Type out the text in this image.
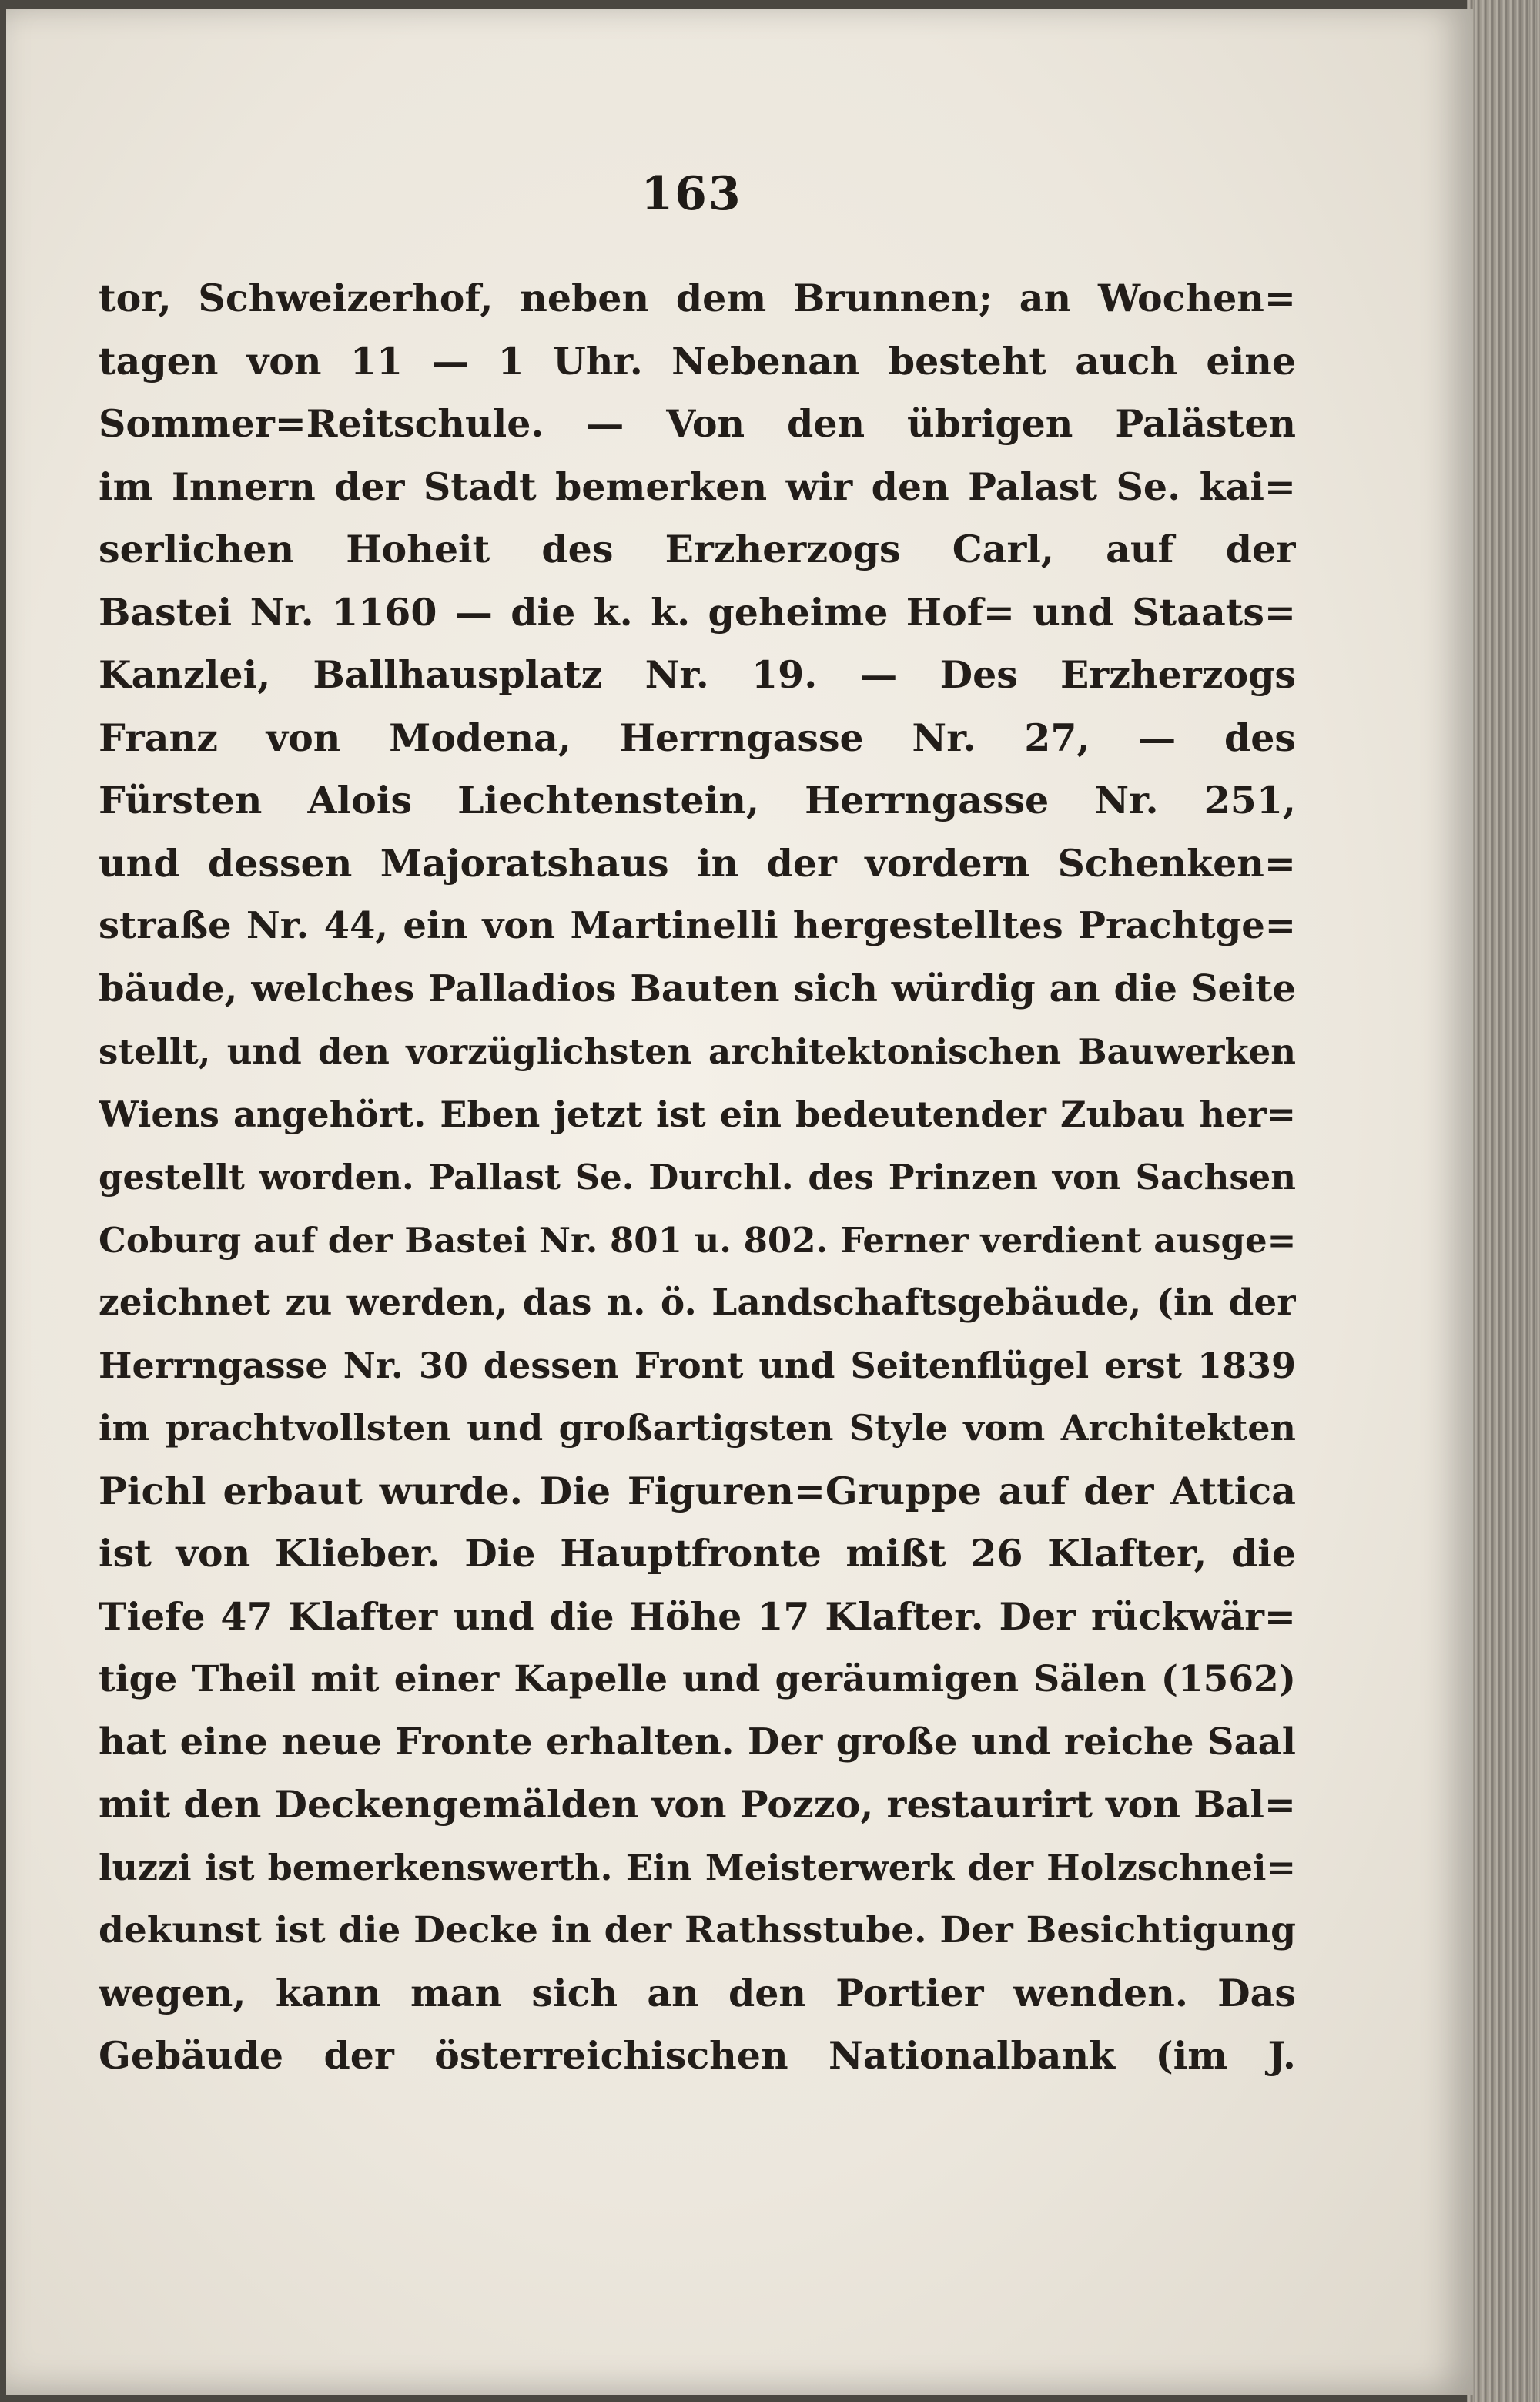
163
tor, Schweizerhof, neben dem Brunnen; an Wochen=
tagen von 11 — 1 Uhr. Nebenan besteht auch eine
Sommer=Reitschule. — Von den übrigen Palästen
im Innern der Stadt bemerken wir den Palast Se. kai=
serlichen Hoheit des Erzherzogs Carl, auf der
Bastei Nr. 1160 — die k. k. geheime Hof= und Staats=
Kanzlei, Ballhausplatz Nr. 19. — Des Erzherzogs
Franz von Modena, Herrngasse Nr. 27, — des
Fürsten Alois Liechtenstein, Herrngasse Nr. 251,
und dessen Majoratshaus in der vordern Schenken=
straße Nr. 44, ein von Martinelli hergestelltes Prachtge=
bäude, welches Palladios Bauten sich würdig an die Seite
stellt, und den vorzüglichsten architektonischen Bauwerken
Wiens angehört. Eben jetzt ist ein bedeutender Zubau her=
gestellt worden. Pallast Se. Durchl. des Prinzen von Sachsen
Coburg auf der Bastei Nr. 801 u. 802. Ferner verdient ausge=
zeichnet zu werden, das n. ö. Landschaftsgebäude, (in der
Herrngasse Nr. 30 dessen Front und Seitenflügel erst 1839
im prachtvollsten und großartigsten Style vom Architekten
Pichl erbaut wurde. Die Figuren=Gruppe auf der Attica
ist von Klieber. Die Hauptfronte mißt 26 Klafter, die
Tiefe 47 Klafter und die Höhe 17 Klafter. Der rückwär=
tige Theil mit einer Kapelle und geräumigen Sälen (1562)
hat eine neue Fronte erhalten. Der große und reiche Saal
mit den Deckengemälden von Pozzo, restaurirt von Bal=
luzzi ist bemerkenswerth. Ein Meisterwerk der Holzschnei=
dekunst ist die Decke in der Rathsstube. Der Besichtigung
wegen, kann man sich an den Portier wenden. Das
Gebäude der österreichischen Nationalbank (im J.
